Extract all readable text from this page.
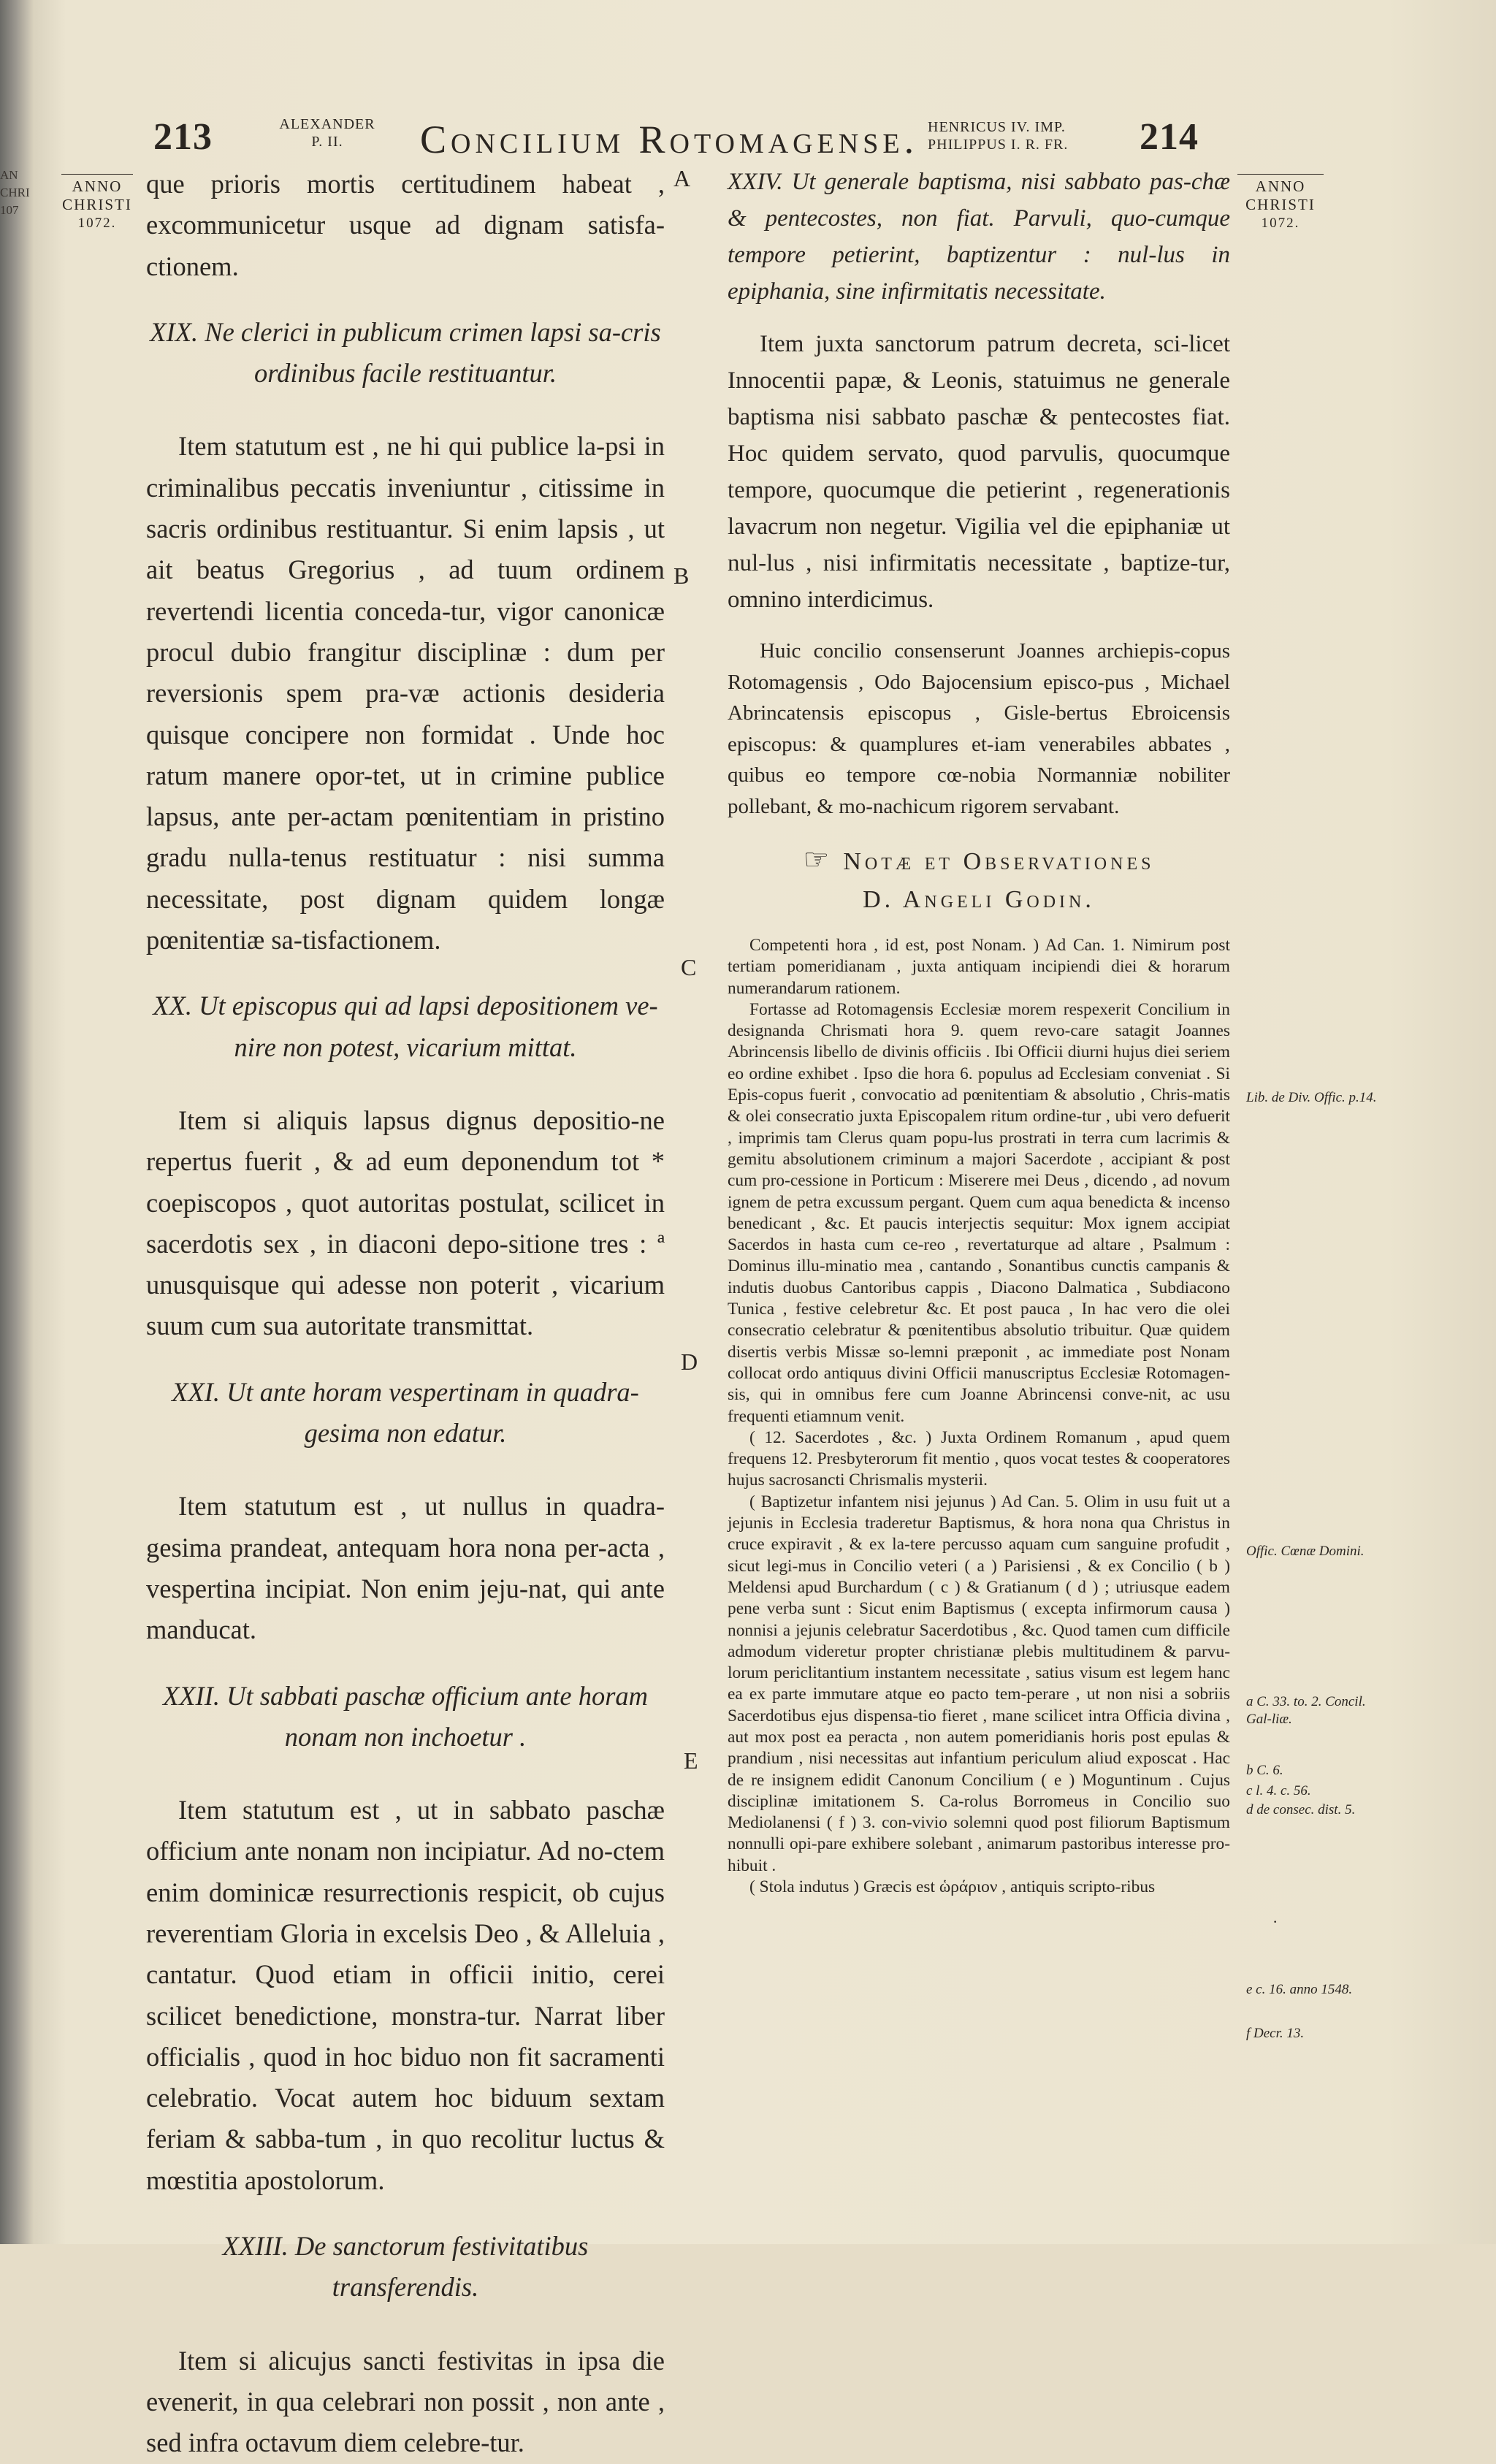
AN
CHRI
107
213	ALEXANDER
P. II.	Concilium Rotomagense. HENRICUS IV. IMP.
PHILIPPUS I. R. FR.	214
ANNO
CHRISTI
1072.
ANNO
CHRISTI
1072.
A
B
C
D
E

que prioris mortis certitudinem habeat , excommunicetur usque ad dignam satisfa-ctionem.

XIX. Ne clerici in publicum crimen lapsi sa-cris ordinibus facile restituantur.

Item statutum est , ne hi qui publice la-psi in criminalibus peccatis inveniuntur , citissime in sacris ordinibus restituantur. Si enim lapsis , ut ait beatus Gregorius , ad tuum ordinem revertendi licentia conceda-tur, vigor canonicæ procul dubio frangitur disciplinæ : dum per reversionis spem pra-væ actionis desideria quisque concipere non formidat . Unde hoc ratum manere opor-tet, ut in crimine publice lapsus, ante per-actam pœnitentiam in pristino gradu nulla-tenus restituatur : nisi summa necessitate, post dignam quidem longæ pœnitentiæ sa-tisfactionem.

XX. Ut episcopus qui ad lapsi depositionem ve-nire non potest, vicarium mittat.

Item si aliquis lapsus dignus depositio-ne repertus fuerit , & ad eum deponendum tot * coepiscopos , quot autoritas postulat, scilicet in sacerdotis sex , in diaconi depo-sitione tres : ª unusquisque qui adesse non poterit , vicarium suum cum sua autoritate transmittat.

XXI. Ut ante horam vespertinam in quadra-gesima non edatur.

Item statutum est , ut nullus in quadra-gesima prandeat, antequam hora nona per-acta , vespertina incipiat. Non enim jeju-nat, qui ante manducat.

XXII. Ut sabbati paschæ officium ante horam nonam non inchoetur .

Item statutum est , ut in sabbato paschæ officium ante nonam non incipiatur. Ad no-ctem enim dominicæ resurrectionis respicit, ob cujus reverentiam Gloria in excelsis Deo , & Alleluia , cantatur. Quod etiam in officii initio, cerei scilicet benedictione, monstra-tur. Narrat liber officialis , quod in hoc biduo non fit sacramenti celebratio. Vocat autem hoc biduum sextam feriam & sabba-tum , in quo recolitur luctus & mœstitia apostolorum.

XXIII. De sanctorum festivitatibus transferendis.

Item si alicujus sancti festivitas in ipsa die evenerit, in qua celebrari non possit , non ante , sed infra octavum diem celebre-tur.

XXIV. Ut generale baptisma, nisi sabbato pas-chæ & pentecostes, non fiat. Parvuli, quo-cumque tempore petierint, baptizentur : nul-lus in epiphania, sine infirmitatis necessitate.

Item juxta sanctorum patrum decreta, sci-licet Innocentii papæ, & Leonis, statuimus ne generale baptisma nisi sabbato paschæ & pentecostes fiat. Hoc quidem servato, quod parvulis, quocumque tempore, quocumque die petierint , regenerationis lavacrum non negetur. Vigilia vel die epiphaniæ ut nul-lus , nisi infirmitatis necessitate , baptize-tur, omnino interdicimus.

Huic concilio consenserunt Joannes archiepis-copus Rotomagensis , Odo Bajocensium episco-pus , Michael Abrincatensis episcopus , Gisle-bertus Ebroicensis episcopus: & quamplures et-iam venerabiles abbates , quibus eo tempore cœ-nobia Normanniæ nobiliter pollebant, & mo-nachicum rigorem servabant.

☞ Notæ et Observationes

D. Angeli Godin.

Competenti hora , id est, post Nonam. ) Ad Can. 1. Nimirum post tertiam pomeridianam , juxta antiquam incipiendi diei & horarum numerandarum rationem.

Fortasse ad Rotomagensis Ecclesiæ morem respexerit Concilium in designanda Chrismati hora 9. quem revo-care satagit Joannes Abrincensis libello de divinis officiis . Ibi Officii diurni hujus diei seriem eo ordine exhibet . Ipso die hora 6. populus ad Ecclesiam conveniat . Si Epis-copus fuerit , convocatio ad pœnitentiam & absolutio , Chris-matis & olei consecratio juxta Episcopalem ritum ordine-tur , ubi vero defuerit , imprimis tam Clerus quam popu-lus prostrati in terra cum lacrimis & gemitu absolutionem criminum a majori Sacerdote , accipiant & post cum pro-cessione in Porticum : Miserere mei Deus , dicendo , ad novum ignem de petra excussum pergant. Quem cum aqua benedicta & incenso benedicant , &c. Et paucis interjectis sequitur: Mox ignem accipiat Sacerdos in hasta cum ce-reo , revertaturque ad altare , Psalmum : Dominus illu-minatio mea , cantando , Sonantibus cunctis campanis & indutis duobus Cantoribus cappis , Diacono Dalmatica , Subdiacono Tunica , festive celebretur &c. Et post pauca , In hac vero die olei consecratio celebratur & pœnitentibus absolutio tribuitur. Quæ quidem disertis verbis Missæ so-lemni præponit , ac immediate post Nonam collocat ordo antiquus divini Officii manuscriptus Ecclesiæ Rotomagen-sis, qui in omnibus fere cum Joanne Abrincensi conve-nit, ac usu frequenti etiamnum venit.

( 12. Sacerdotes , &c. ) Juxta Ordinem Romanum , apud quem frequens 12. Presbyterorum fit mentio , quos vocat testes & cooperatores hujus sacrosancti Chrismalis mysterii.

( Baptizetur infantem nisi jejunus ) Ad Can. 5. Olim in usu fuit ut a jejunis in Ecclesia traderetur Baptismus, & hora nona qua Christus in cruce expiravit , & ex la-tere percusso aquam cum sanguine profudit , sicut legi-mus in Concilio veteri ( a ) Parisiensi , & ex Concilio ( b ) Meldensi apud Burchardum ( c ) & Gratianum ( d ) ; utriusque eadem pene verba sunt : Sicut enim Baptismus ( excepta infirmorum causa ) nonnisi a jejunis celebratur Sacerdotibus , &c. Quod tamen cum difficile admodum videretur propter christianæ plebis multitudinem & parvu-lorum periclitantium instantem necessitate , satius visum est legem hanc ea ex parte immutare atque eo pacto tem-perare , ut non nisi a sobriis Sacerdotibus ejus dispensa-tio fieret , mane scilicet intra Officia divina , aut mox post ea peracta , non autem pomeridianis horis post epulas & prandium , nisi necessitas aut infantium periculum aliud exposcat . Hac de re insignem edidit Canonum Concilium ( e ) Moguntinum . Cujus disciplinæ imitationem S. Ca-rolus Borromeus in Concilio suo Mediolanensi ( f ) 3. con-vivio solemni quod post filiorum Baptismum nonnulli opi-pare exhibere solebant , animarum pastoribus interesse pro-hibuit .

( Stola indutus ) Græcis est ὡράριον , antiquis scripto-ribus

Lib. de Div. Offic. p.14.
Offic. Cœnæ Domini.
a C. 33. to. 2. Concil. Gal-liæ.
b C. 6.
c l. 4. c. 56.
d de consec. dist. 5.
e c. 16. anno 1548.
f Decr. 13.
·
